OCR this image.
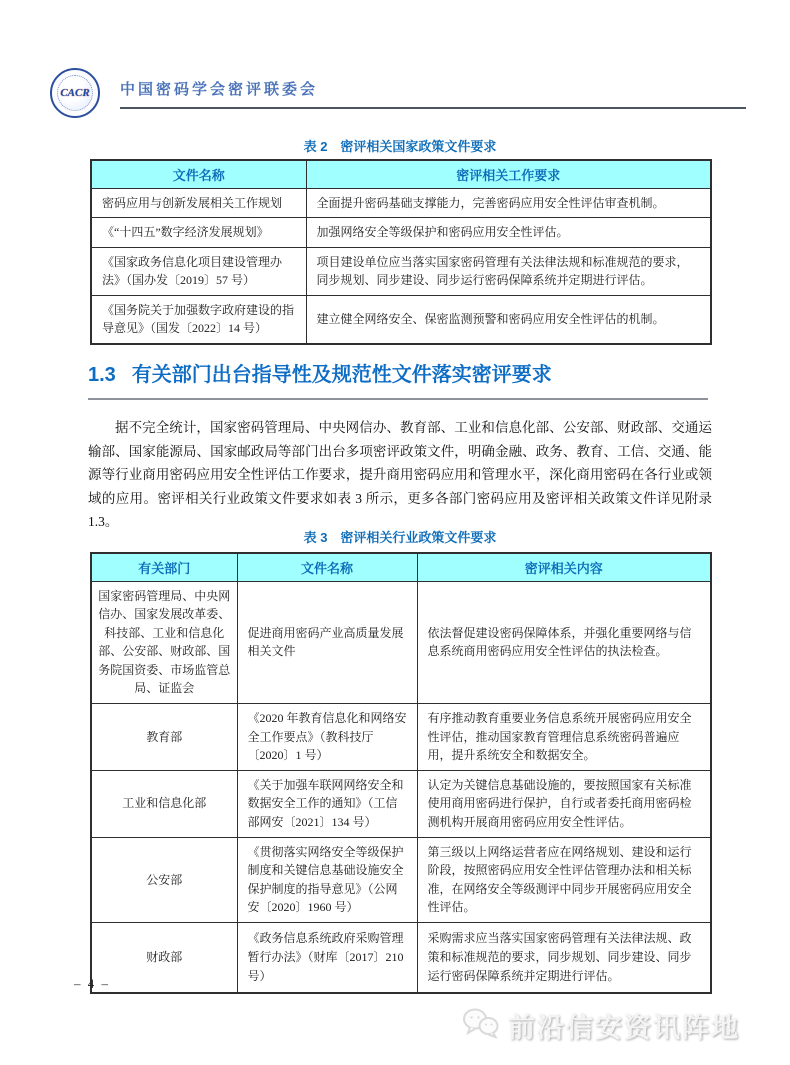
CACR 中国密码学会密评联委会
表 2　密评相关国家政策文件要求
文件名称	密评相关工作要求
密码应用与创新发展相关工作规划	全面提升密码基础支撑能力，完善密码应用安全性评估审查机制。
《“十四五”数字经济发展规划》	加强网络安全等级保护和密码应用安全性评估。
《国家政务信息化项目建设管理办法》（国办发〔2019〕57 号）	项目建设单位应当落实国家密码管理有关法律法规和标准规范的要求，同步规划、同步建设、同步运行密码保障系统并定期进行评估。
《国务院关于加强数字政府建设的指导意见》（国发〔2022〕14 号）	建立健全网络安全、保密监测预警和密码应用安全性评估的机制。
1.3 有关部门出台指导性及规范性文件落实密评要求
据不完全统计，国家密码管理局、中央网信办、教育部、工业和信息化部、公安部、财政部、交通运输部、国家能源局、国家邮政局等部门出台多项密评政策文件，明确金融、政务、教育、工信、交通、能源等行业商用密码应用安全性评估工作要求，提升商用密码应用和管理水平，深化商用密码在各行业或领域的应用。密评相关行业政策文件要求如表 3 所示，更多各部门密码应用及密评相关政策文件详见附录 1.3。
表 3　密评相关行业政策文件要求
有关部门	文件名称	密评相关内容
国家密码管理局、中央网信办、国家发展改革委、科技部、工业和信息化部、公安部、财政部、国务院国资委、市场监管总局、证监会	促进商用密码产业高质量发展相关文件	依法督促建设密码保障体系，并强化重要网络与信息系统商用密码应用安全性评估的执法检查。
教育部	《2020 年教育信息化和网络安全工作要点》（教科技厅〔2020〕1 号）	有序推动教育重要业务信息系统开展密码应用安全性评估，推动国家教育管理信息系统密码普遍应用，提升系统安全和数据安全。
工业和信息化部	《关于加强车联网网络安全和数据安全工作的通知》（工信部网安〔2021〕134 号）	认定为关键信息基础设施的，要按照国家有关标准使用商用密码进行保护，自行或者委托商用密码检测机构开展商用密码应用安全性评估。
公安部	《贯彻落实网络安全等级保护制度和关键信息基础设施安全保护制度的指导意见》（公网安〔2020〕1960 号）	第三级以上网络运营者应在网络规划、建设和运行阶段，按照密码应用安全性评估管理办法和相关标准，在网络安全等级测评中同步开展密码应用安全性评估。
财政部	《政务信息系统政府采购管理暂行办法》（财库〔2017〕210 号）	采购需求应当落实国家密码管理有关法律法规、政策和标准规范的要求，同步规划、同步建设、同步运行密码保障系统并定期进行评估。
– 4 –
前沿信安资讯阵地
